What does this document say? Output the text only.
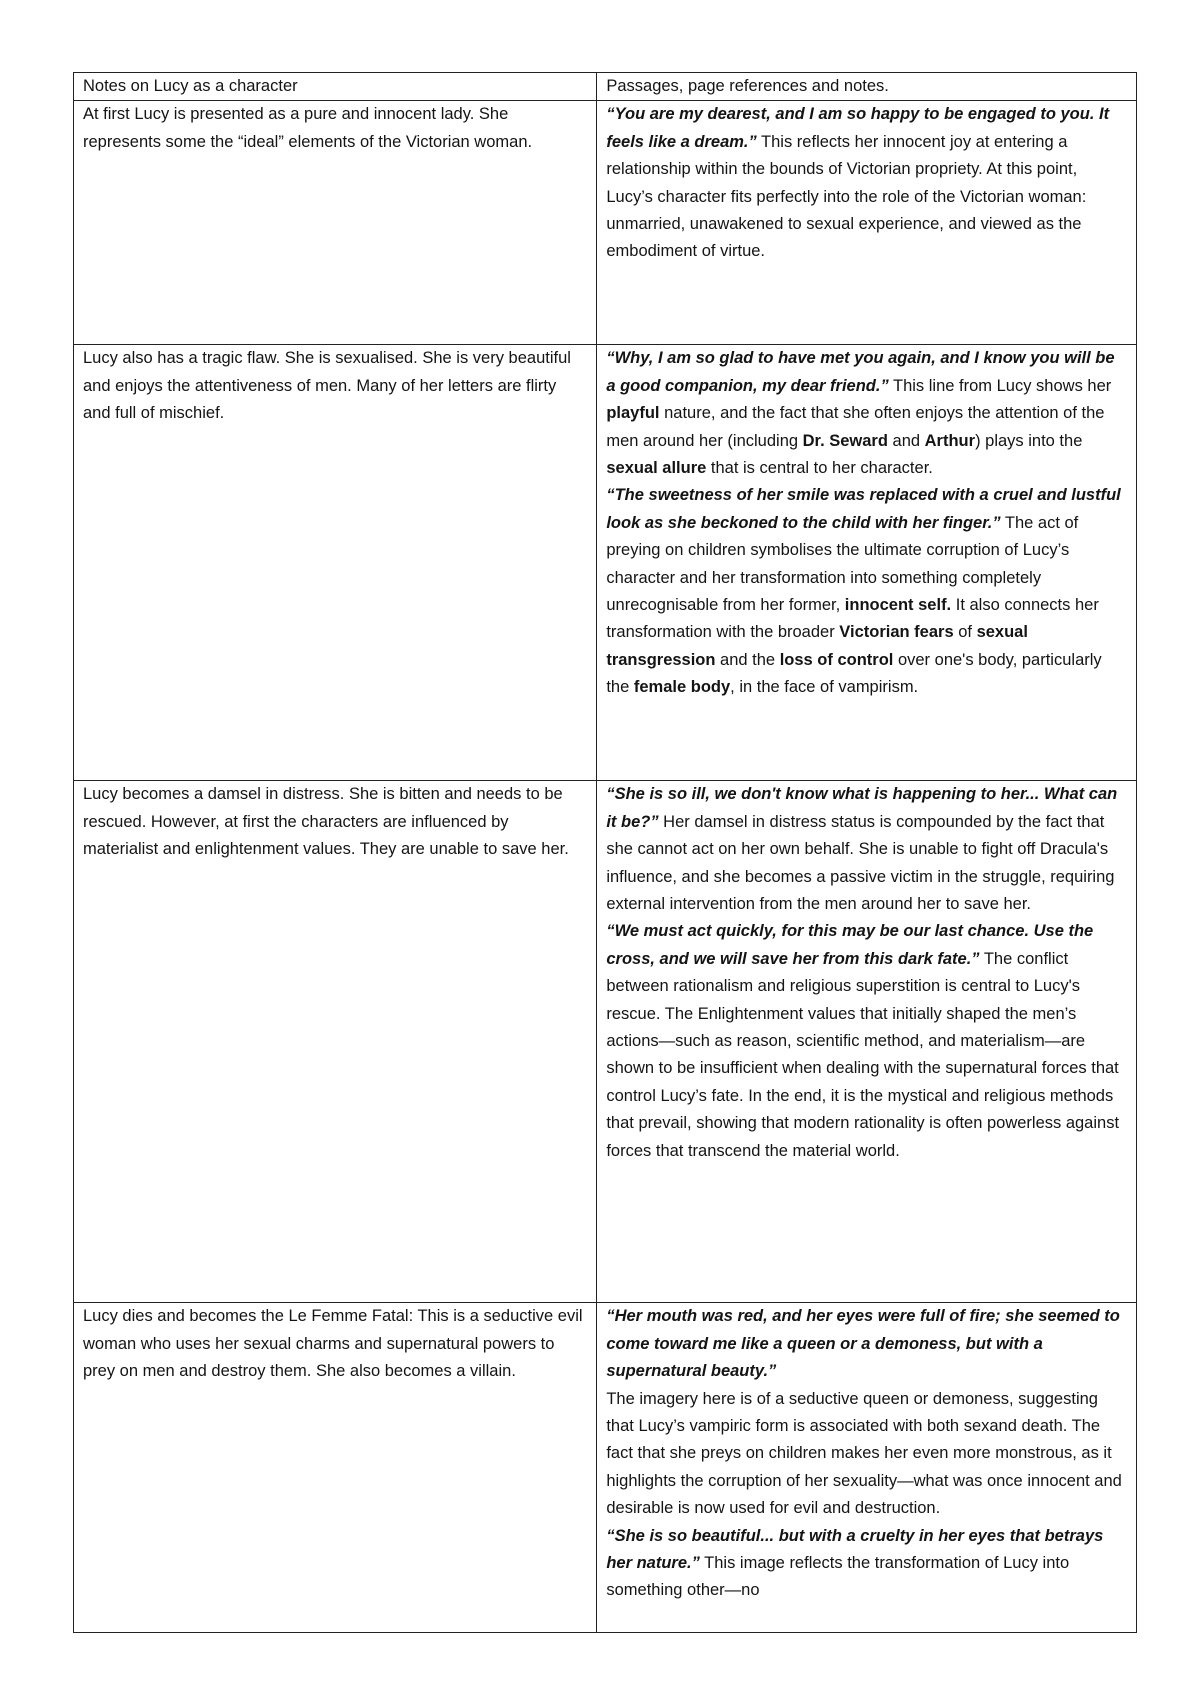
Notes on Lucy as a character	Passages, page references and notes.
At first Lucy is presented as a pure and innocent lady. She represents some the “ideal” elements of the Victorian woman.	“You are my dearest, and I am so happy to be engaged to you. It feels like a dream.” This reflects her innocent joy at entering a relationship within the bounds of Victorian propriety. At this point, Lucy’s character fits perfectly into the role of the Victorian woman: unmarried, unawakened to sexual experience, and viewed as the embodiment of virtue.

Lucy also has a tragic flaw. She is sexualised. She is very beautiful and enjoys the attentiveness of men. Many of her letters are flirty and full of mischief.	“Why, I am so glad to have met you again, and I know you will be a good companion, my dear friend.” This line from Lucy shows her playful nature, and the fact that she often enjoys the attention of the men around her (including Dr. Seward and Arthur) plays into the sexual allure that is central to her character.

“The sweetness of her smile was replaced with a cruel and lustful look as she beckoned to the child with her finger.” The act of preying on children symbolises the ultimate corruption of Lucy’s character and her transformation into something completely unrecognisable from her former, innocent self. It also connects her transformation with the broader Victorian fears of sexual transgression and the loss of control over one's body, particularly the female body, in the face of vampirism.

Lucy becomes a damsel in distress. She is bitten and needs to be rescued. However, at first the characters are influenced by materialist and enlightenment values. They are unable to save her.	“She is so ill, we don't know what is happening to her... What can it be?” Her damsel in distress status is compounded by the fact that she cannot act on her own behalf. She is unable to fight off Dracula's influence, and she becomes a passive victim in the struggle, requiring external intervention from the men around her to save her.

“We must act quickly, for this may be our last chance. Use the cross, and we will save her from this dark fate.” The conflict between rationalism and religious superstition is central to Lucy's rescue. The Enlightenment values that initially shaped the men’s actions—such as reason, scientific method, and materialism—are shown to be insufficient when dealing with the supernatural forces that control Lucy’s fate. In the end, it is the mystical and religious methods that prevail, showing that modern rationality is often powerless against forces that transcend the material world.

Lucy dies and becomes the Le Femme Fatal: This is a seductive evil woman who uses her sexual charms and supernatural powers to prey on men and destroy them. She also becomes a villain.	“Her mouth was red, and her eyes were full of fire; she seemed to come toward me like a queen or a demoness, but with a supernatural beauty.”

The imagery here is of a seductive queen or demoness, suggesting that Lucy’s vampiric form is associated with both sexand death. The fact that she preys on children makes her even more monstrous, as it highlights the corruption of her sexuality—what was once innocent and desirable is now used for evil and destruction.

“She is so beautiful... but with a cruelty in her eyes that betrays her nature.” This image reflects the transformation of Lucy into something other—no
